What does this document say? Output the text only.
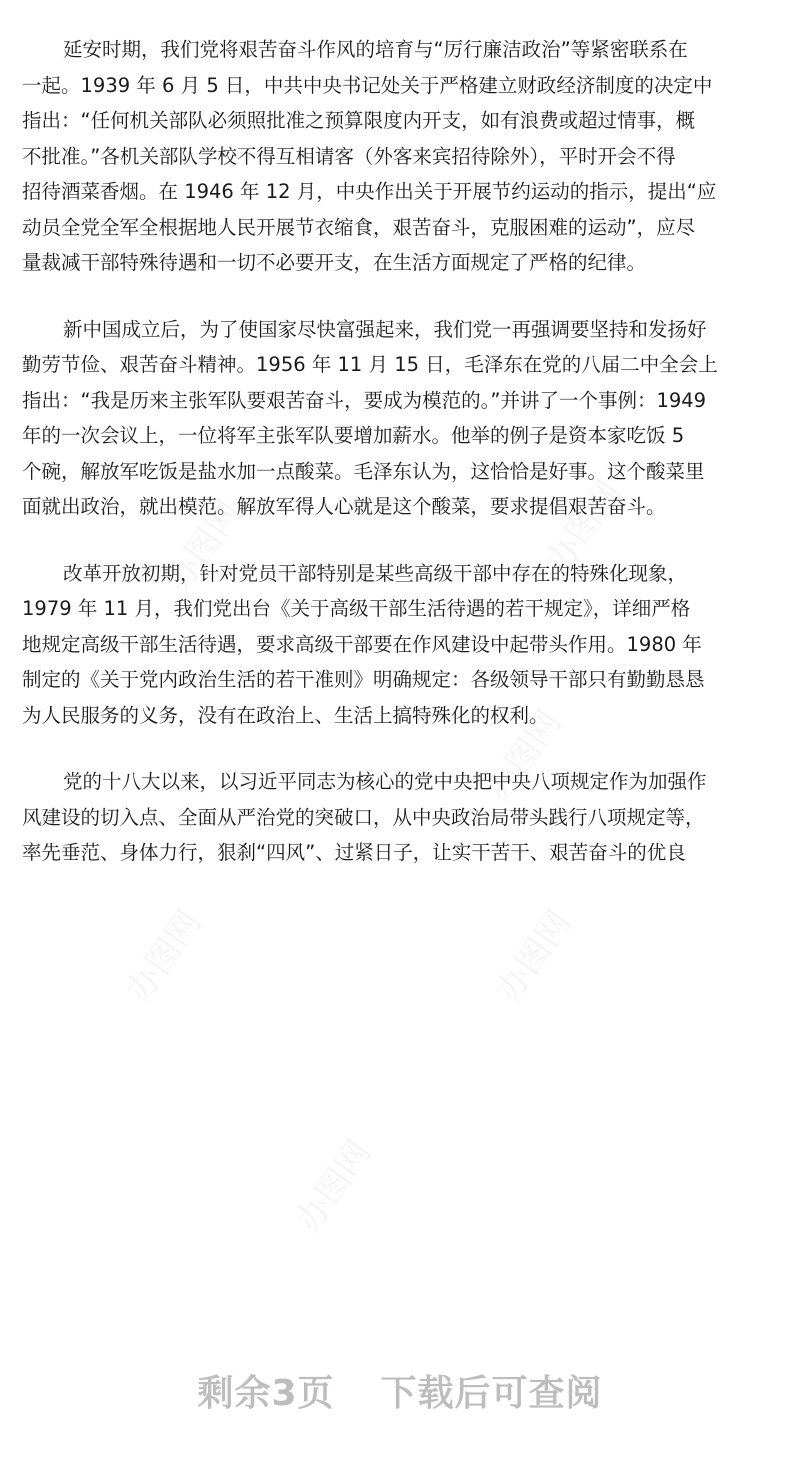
办图网	办图网
办图网
办图网	办图网
办图网
延安时期，我们党将艰苦奋斗作风的培育与“厉行廉洁政治”等紧密联系在
一起。1939 年 6 月 5 日，中共中央书记处关于严格建立财政经济制度的决定中
指出：“任何机关部队必须照批准之预算限度内开支，如有浪费或超过情事，概
不批准。”各机关部队学校不得互相请客（外客来宾招待除外），平时开会不得
招待酒菜香烟。在 1946 年 12 月，中央作出关于开展节约运动的指示，提出“应
动员全党全军全根据地人民开展节衣缩食，艰苦奋斗，克服困难的运动”，应尽
量裁减干部特殊待遇和一切不必要开支，在生活方面规定了严格的纪律。
新中国成立后，为了使国家尽快富强起来，我们党一再强调要坚持和发扬好
勤劳节俭、艰苦奋斗精神。1956 年 11 月 15 日，毛泽东在党的八届二中全会上
指出：“我是历来主张军队要艰苦奋斗，要成为模范的。”并讲了一个事例：1949
年的一次会议上，一位将军主张军队要增加薪水。他举的例子是资本家吃饭 5
个碗，解放军吃饭是盐水加一点酸菜。毛泽东认为，这恰恰是好事。这个酸菜里
面就出政治，就出模范。解放军得人心就是这个酸菜，要求提倡艰苦奋斗。
改革开放初期，针对党员干部特别是某些高级干部中存在的特殊化现象，
1979 年 11 月，我们党出台《关于高级干部生活待遇的若干规定》，详细严格
地规定高级干部生活待遇，要求高级干部要在作风建设中起带头作用。1980 年
制定的《关于党内政治生活的若干准则》明确规定：各级领导干部只有勤勤恳恳
为人民服务的义务，没有在政治上、生活上搞特殊化的权利。
党的十八大以来，以习近平同志为核心的党中央把中央八项规定作为加强作
风建设的切入点、全面从严治党的突破口，从中央政治局带头践行八项规定等，
率先垂范、身体力行，狠刹“四风”、过紧日子，让实干苦干、艰苦奋斗的优良
剩余3页 下载后可查阅
